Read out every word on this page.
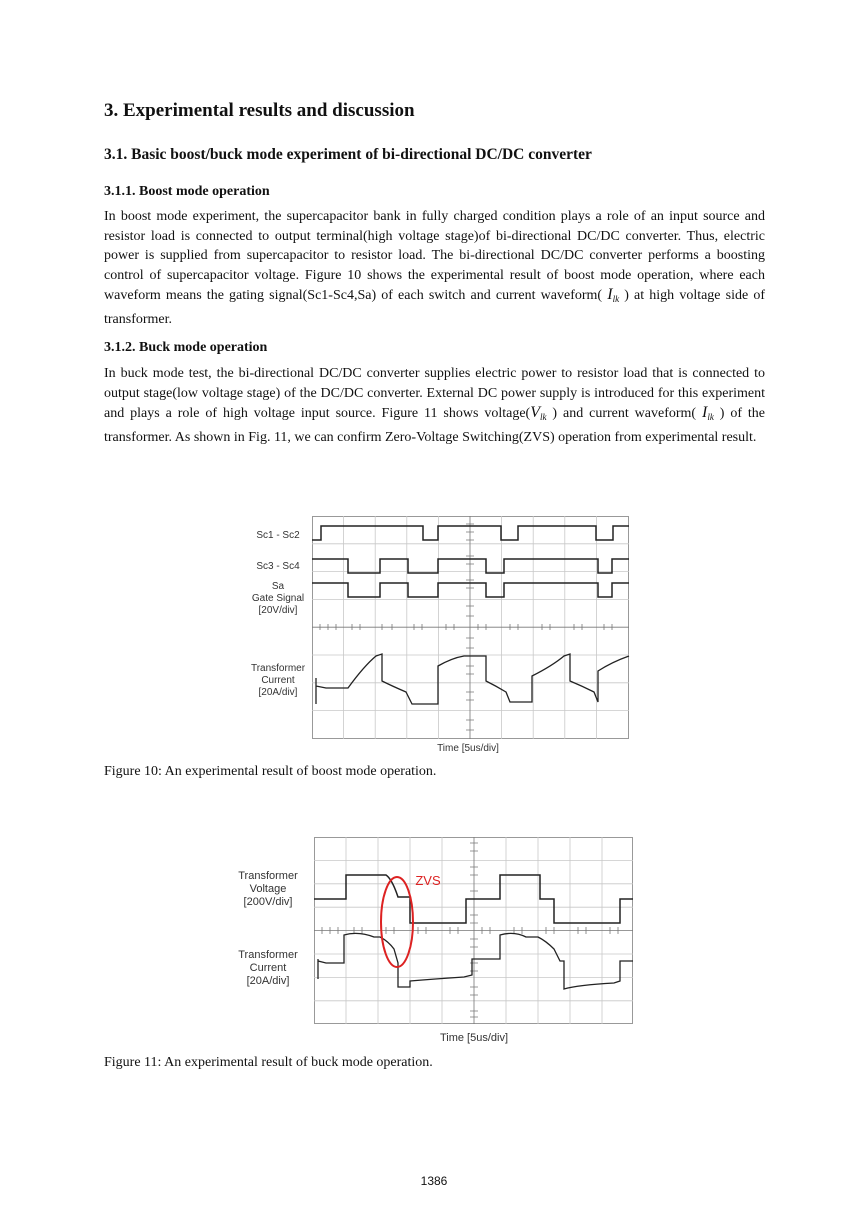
3. Experimental results and discussion
3.1. Basic boost/buck mode experiment of bi-directional DC/DC converter
3.1.1. Boost mode operation
In boost mode experiment, the supercapacitor bank in fully charged condition plays a role of an input source and resistor load is connected to output terminal(high voltage stage)of bi-directional DC/DC converter. Thus, electric power is supplied from supercapacitor to resistor load. The bi-directional DC/DC converter performs a boosting control of supercapacitor voltage. Figure 10 shows the experimental result of boost mode operation, where each waveform means the gating signal(Sc1-Sc4,Sa) of each switch and current waveform( $I_{lk}$ ) at high voltage side of transformer.
3.1.2. Buck mode operation
In buck mode test, the bi-directional DC/DC converter supplies electric power to resistor load that is connected to output stage(low voltage stage) of the DC/DC converter. External DC power supply is introduced for this experiment and plays a role of high voltage input source. Figure 11 shows $voltage(V_{lk}$ ) and current waveform( $I_{lk}$ ) of the transformer. As shown in Fig. 11, we can confirm Zero-Voltage Switching(ZVS) operation from experimental result.
Sc1 - Sc2
Sc3 - Sc4
Sa
Gate Signal
[20V/div]
Transformer
Current
[20A/div]
Time [5us/div]
Figure 10: An experimental result of boost mode operation.
Transformer
Voltage
[200V/div]
Transformer
Current
[20A/div]
ZVS
Time [5us/div]
Figure 11: An experimental result of buck mode operation.
1386
